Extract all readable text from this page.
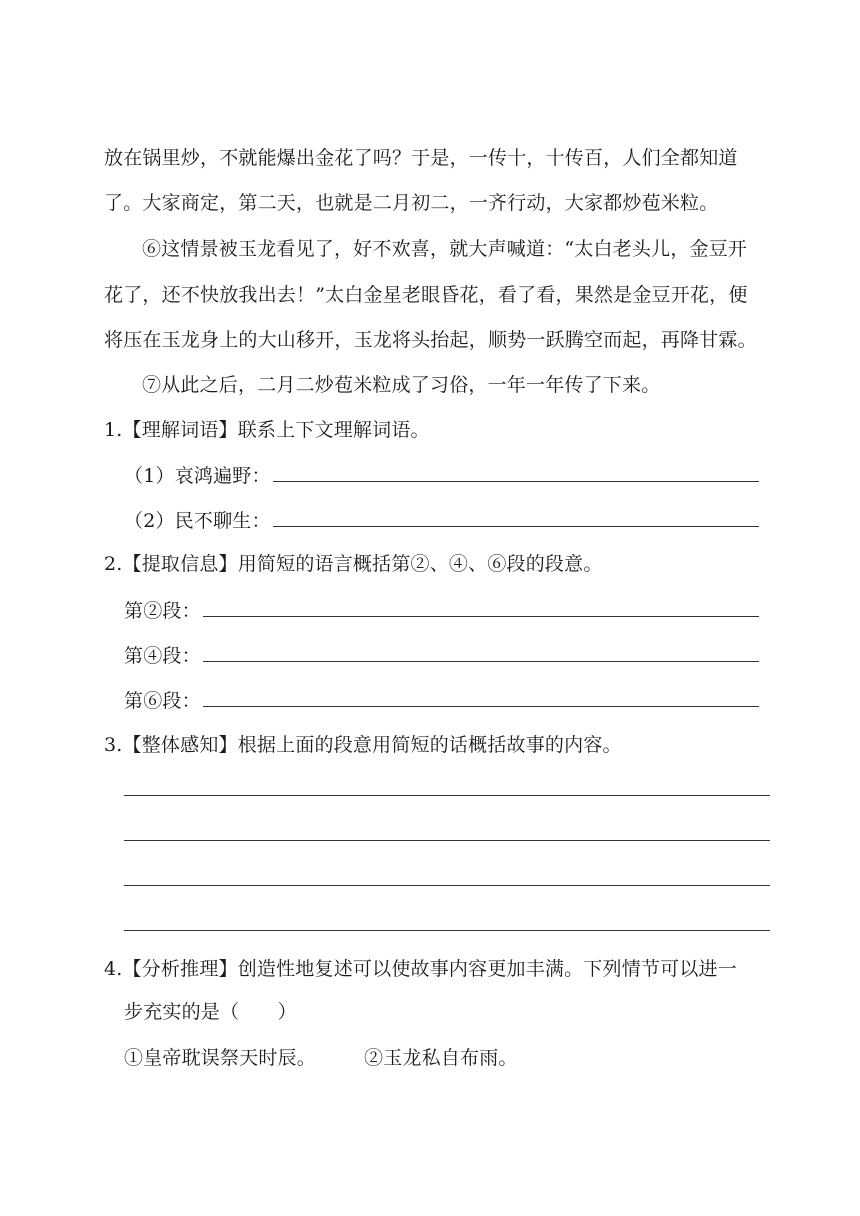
放在锅里炒，不就能爆出金花了吗？于是，一传十，十传百，人们全都知道
了。大家商定，第二天，也就是二月初二，一齐行动，大家都炒苞米粒。
⑥这情景被玉龙看见了，好不欢喜，就大声喊道：“太白老头儿，金豆开
花了，还不快放我出去！”太白金星老眼昏花，看了看，果然是金豆开花，便
将压在玉龙身上的大山移开，玉龙将头抬起，顺势一跃腾空而起，再降甘霖。
⑦从此之后，二月二炒苞米粒成了习俗，一年一年传了下来。
1.【理解词语】联系上下文理解词语。
（1）哀鸿遍野：
（2）民不聊生：
2.【提取信息】用简短的语言概括第②、④、⑥段的段意。
第②段：
第④段：
第⑥段：
3.【整体感知】根据上面的段意用简短的话概括故事的内容。
4.【分析推理】创造性地复述可以使故事内容更加丰满。下列情节可以进一
步充实的是（　　）
①皇帝耽误祭天时辰。	②玉龙私自布雨。
